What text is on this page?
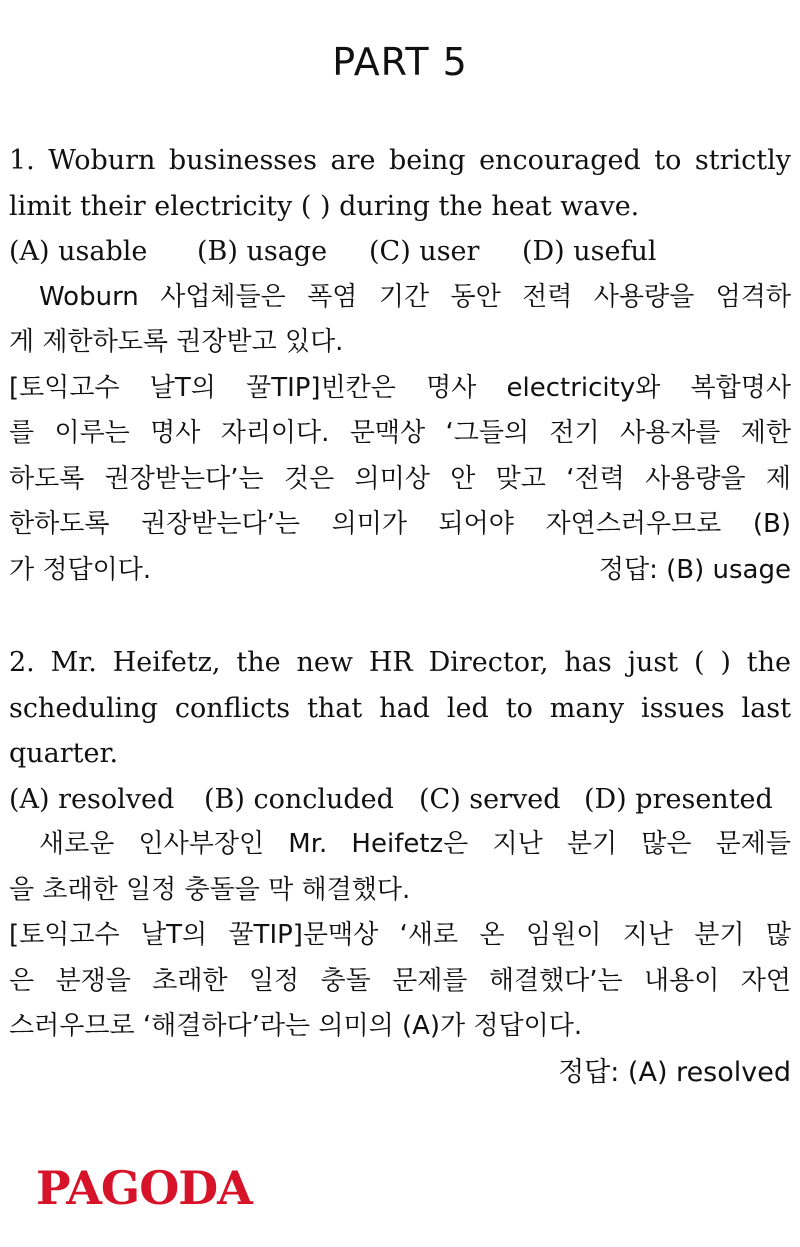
PART 5
1. Woburn businesses are being encouraged to strictly
limit their electricity ( ) during the heat wave.
(A) usable (B) usage (C) user (D) useful
Woburn 사업체들은 폭염 기간 동안 전력 사용량을 엄격하
게 제한하도록 권장받고 있다.
[토익고수 날T의 꿀TIP]빈칸은 명사 electricity와 복합명사
를 이루는 명사 자리이다. 문맥상 ‘그들의 전기 사용자를 제한
하도록 권장받는다’는 것은 의미상 안 맞고 ‘전력 사용량을 제
한하도록 권장받는다’는 의미가 되어야 자연스러우므로 (B)
가 정답이다.	정답: (B) usage
2. Mr. Heifetz, the new HR Director, has just ( ) the
scheduling conflicts that had led to many issues last
quarter.
(A) resolved (B) concluded (C) served (D) presented
새로운 인사부장인 Mr. Heifetz은 지난 분기 많은 문제들
을 초래한 일정 충돌을 막 해결했다.
[토익고수 날T의 꿀TIP]문맥상 ‘새로 온 임원이 지난 분기 많
은 분쟁을 초래한 일정 충돌 문제를 해결했다’는 내용이 자연
스러우므로 ‘해결하다’라는 의미의 (A)가 정답이다.
정답: (A) resolved
PAGODA
